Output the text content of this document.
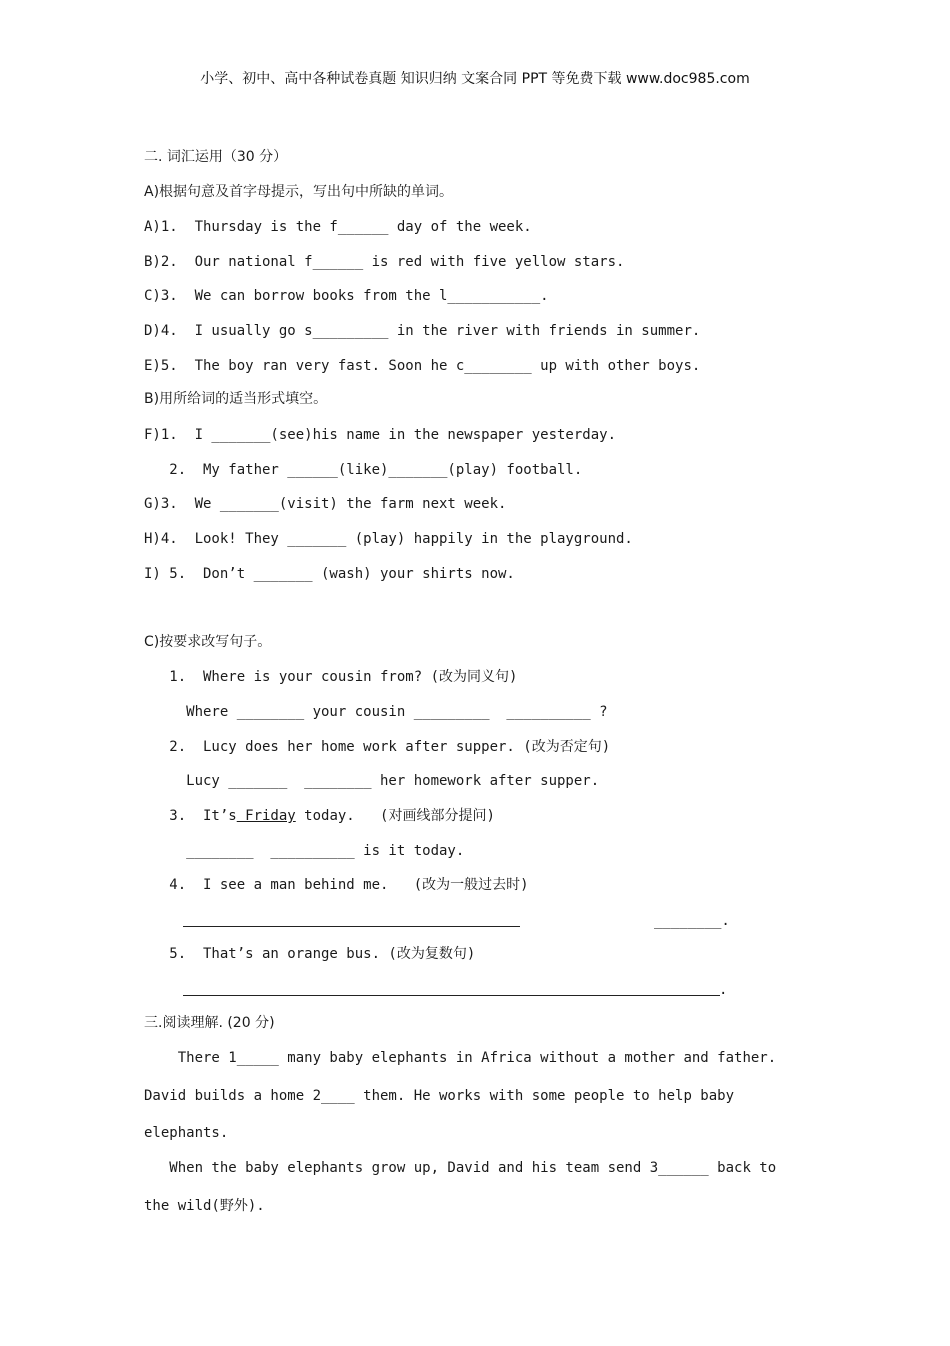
小学、初中、高中各种试卷真题 知识归纳 文案合同 PPT 等免费下载 www.doc985.com
二. 词汇运用（30 分）
A)根据句意及首字母提示，写出句中所缺的单词。
A)1.  Thursday is the f______ day of the week.
B)2.  Our national f______ is red with five yellow stars.
C)3.  We can borrow books from the l___________.
D)4.  I usually go s_________ in the river with friends in summer.
E)5.  The boy ran very fast. Soon he c________ up with other boys.
B)用所给词的适当形式填空。
F)1.  I _______(see)his name in the newspaper yesterday.
2.  My father ______(like)_______(play) football.
G)3.  We _______(visit) the farm next week.
H)4.  Look! They _______ (play) happily in the playground.
I) 5.  Don’t _______ (wash) your shirts now.
C)按要求改写句子。
1.  Where is your cousin from? (改为同义句)
Where ________ your cousin _________  __________ ?
2.  Lucy does her home work after supper. (改为否定句)
Lucy _______  ________ her homework after supper.
3.  It’s Friday today.   (对画线部分提问)
________  __________ is it today.
4.  I see a man behind me.   (改为一般过去时)
________.
5.  That’s an orange bus. (改为复数句)
.
三.阅读理解. (20 分)
There 1_____ many baby elephants in Africa without a mother and father.
David builds a home 2____ them. He works with some people to help baby
elephants.
When the baby elephants grow up, David and his team send 3______ back to
the wild(野外).
